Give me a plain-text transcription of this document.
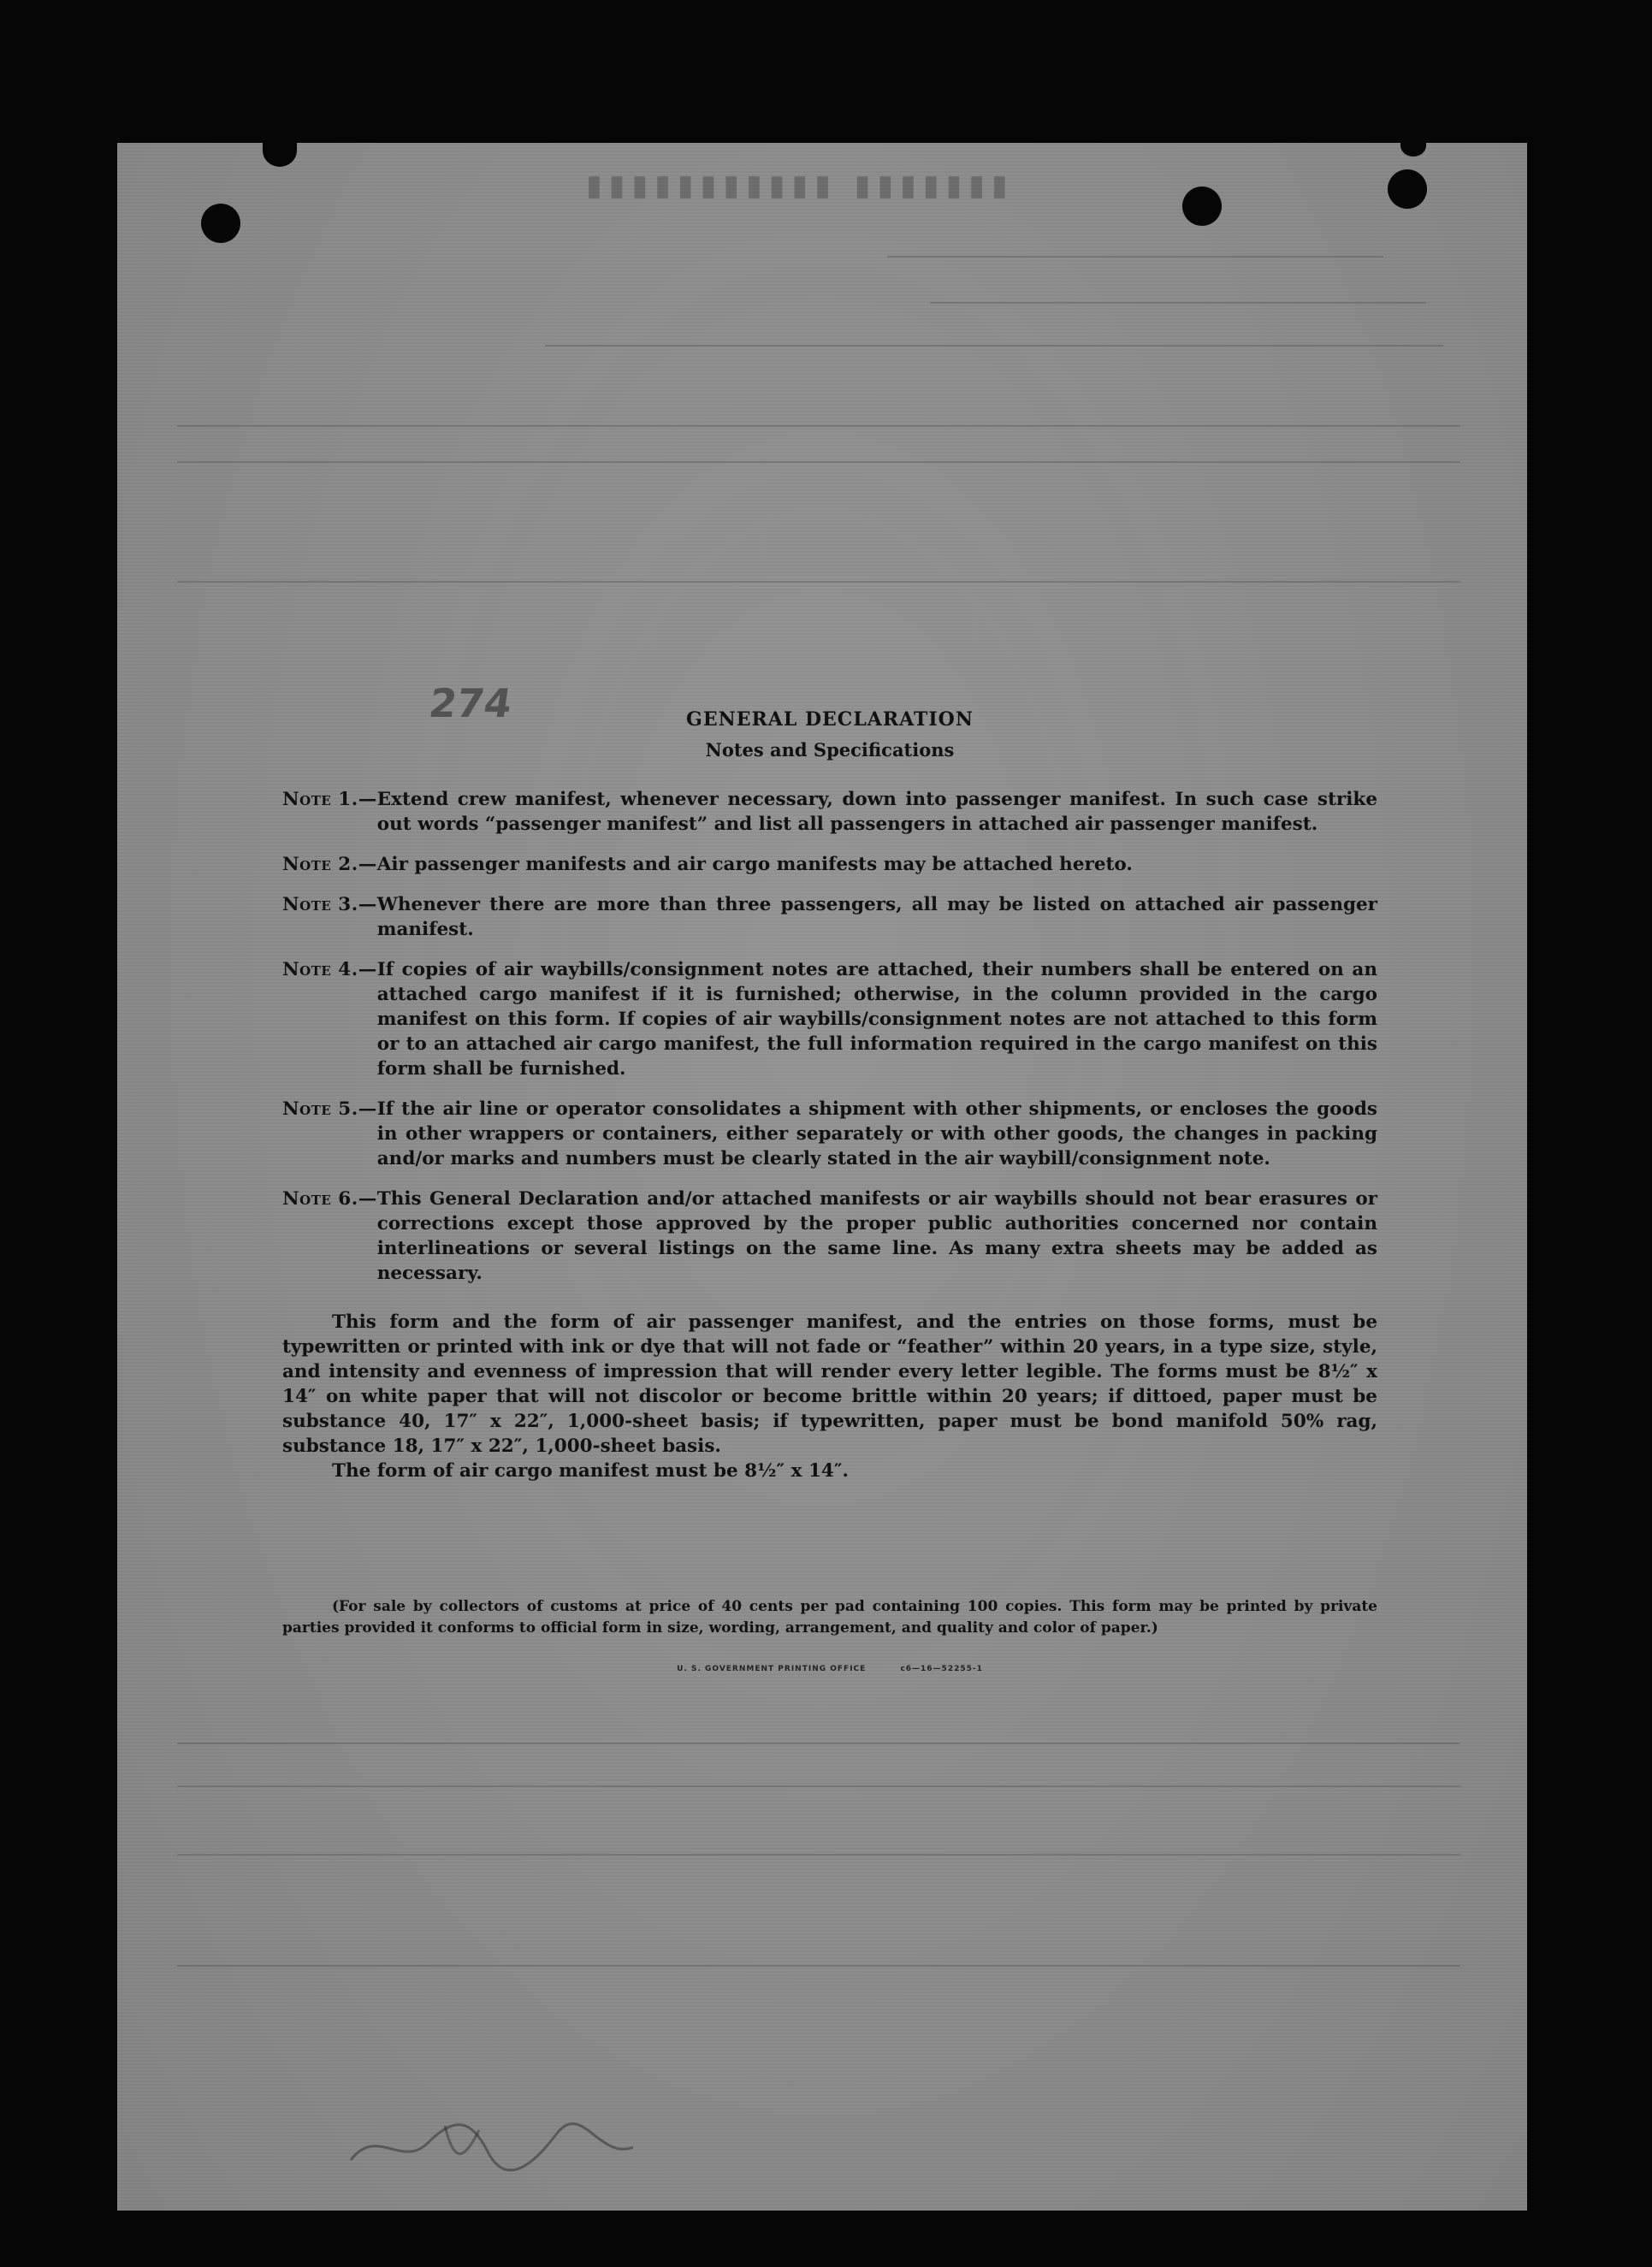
▮▮▮▮▮▮▮ ▮▮▮▮▮▮▮▮▮▮▮
274	GENERAL DECLARATION
Notes and Specifications
Note 1. — Extend crew manifest, whenever necessary, down into passenger manifest. In such case strike out words “passenger manifest” and list all passengers in attached air passenger manifest.
Note 2. — Air passenger manifests and air cargo manifests may be attached hereto.
Note 3. — Whenever there are more than three passengers, all may be listed on attached air passenger manifest.
Note 4. — If copies of air waybills/consignment notes are attached, their numbers shall be entered on an attached cargo manifest if it is furnished; otherwise, in the column provided in the cargo manifest on this form. If copies of air waybills/consignment notes are not attached to this form or to an attached air cargo manifest, the full information required in the cargo manifest on this form shall be furnished.
Note 5. — If the air line or operator consolidates a shipment with other shipments, or encloses the goods in other wrappers or containers, either separately or with other goods, the changes in packing and/or marks and numbers must be clearly stated in the air waybill/consignment note.
Note 6. — This General Declaration and/or attached manifests or air waybills should not bear erasures or corrections except those approved by the proper public authorities concerned nor contain interlineations or several listings on the same line. As many extra sheets may be added as necessary.

This form and the form of air passenger manifest, and the entries on those forms, must be typewritten or printed with ink or dye that will not fade or “feather” within 20 years, in a type size, style, and intensity and evenness of impression that will render every letter legible. The forms must be 8½″ x 14″ on white paper that will not discolor or become brittle within 20 years; if dittoed, paper must be substance 40, 17″ x 22″, 1,000-sheet basis; if typewritten, paper must be bond manifold 50% rag, substance 18, 17″ x 22″, 1,000-sheet basis.

The form of air cargo manifest must be 8½″ x 14″.

(For sale by collectors of customs at price of 40 cents per pad containing 100 copies. This form may be printed by private parties provided it conforms to official form in size, wording, arrangement, and quality and color of paper.)
U. S. GOVERNMENT PRINTING OFFICE	c6—16—52255-1
